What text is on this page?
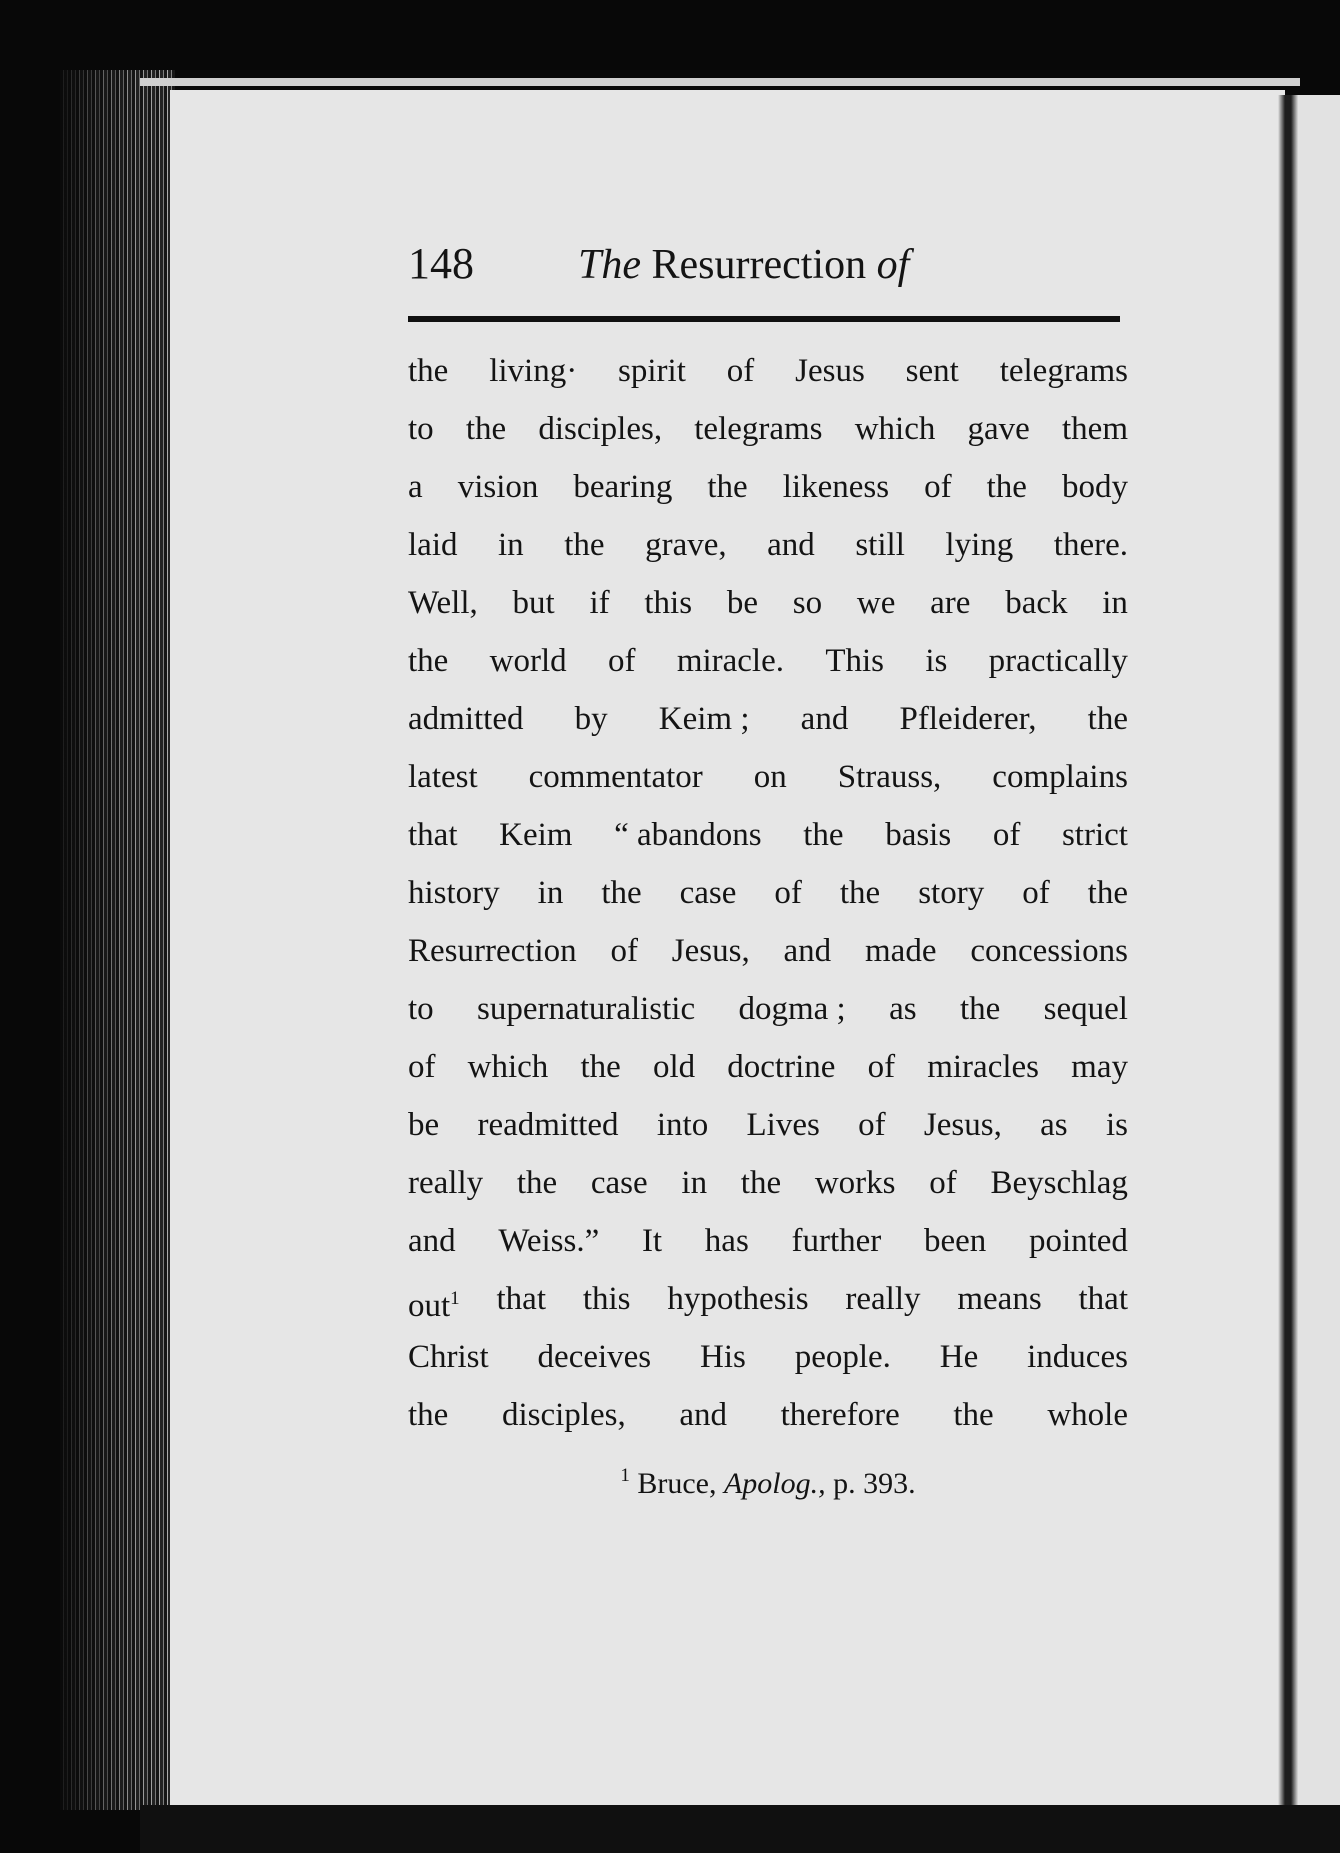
148	The Resurrection of
the living· spirit of Jesus sent telegrams
to the disciples, telegrams which gave them
a vision bearing the likeness of the body
laid in the grave, and still lying there.
Well, but if this be so we are back in
the world of miracle. This is practically
admitted by Keim ; and Pfleiderer, the
latest commentator on Strauss, complains
that Keim “ abandons the basis of strict
history in the case of the story of the
Resurrection of Jesus, and made concessions
to supernaturalistic dogma ; as the sequel
of which the old doctrine of miracles may
be readmitted into Lives of Jesus, as is
really the case in the works of Beyschlag
and Weiss.” It has further been pointed
out$^1$ that this hypothesis really means that
Christ deceives His people. He induces
the disciples, and therefore the whole
$^1$ Bruce, Apolog., p. 393.
